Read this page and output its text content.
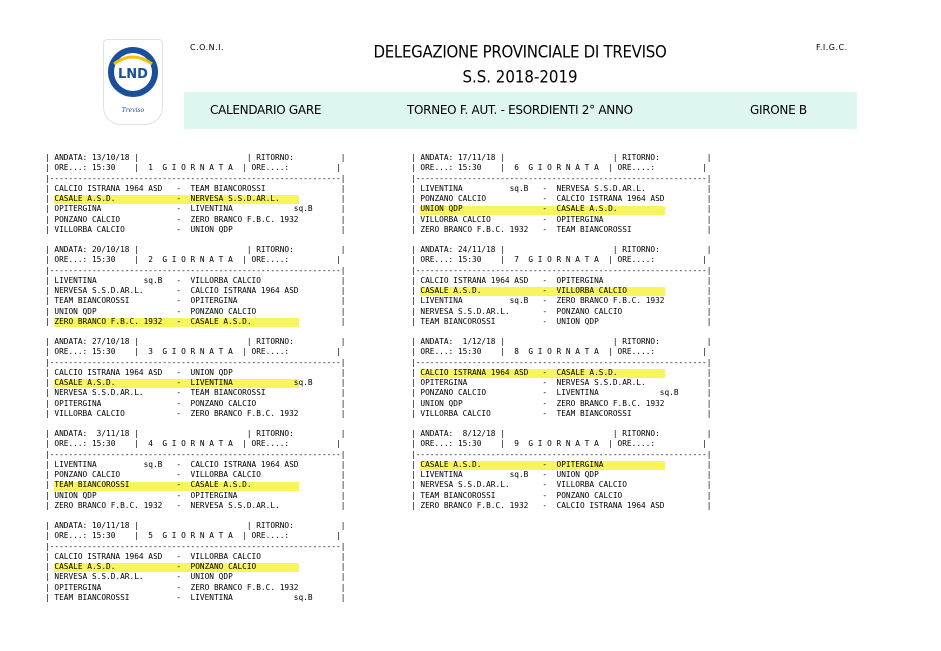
LND
Treviso
C.O.N.I.	F.I.G.C.
DELEGAZIONE PROVINCIALE DI TREVISO
S.S. 2018-2019
CALENDARIO GARE	TORNEO F. AUT. - ESORDIENTI 2° ANNO	GIRONE B
| ANDATA: 13/10/18 |                       | RITORNO:          |
| ORE...: 15:30    |  1  G I O R N A T A  | ORE....:          |
|--------------------------------------------------------------|
| CALCIO ISTRANA 1964 ASD   -  TEAM BIANCOROSSI                |

| CASALE A.S.D.             -  NERVESA S.S.D.AR.L.             |
| OPITERGINA                -  LIVENTINA             sq.B      |
| PONZANO CALCIO            -  ZERO BRANCO F.B.C. 1932         |
| VILLORBA CALCIO           -  UNION QDP                       |

| ANDATA: 20/10/18 |                       | RITORNO:          |
| ORE...: 15:30    |  2  G I O R N A T A  | ORE....:          |
|--------------------------------------------------------------|
| LIVENTINA          sq.B   -  VILLORBA CALCIO                 |
| NERVESA S.S.D.AR.L.       -  CALCIO ISTRANA 1964 ASD         |
| TEAM BIANCOROSSI          -  OPITERGINA                      |
| UNION QDP                 -  PONZANO CALCIO                  |

| ZERO BRANCO F.B.C. 1932   -  CASALE A.S.D.                   |

| ANDATA: 27/10/18 |                       | RITORNO:          |
| ORE...: 15:30    |  3  G I O R N A T A  | ORE....:          |
|--------------------------------------------------------------|
| CALCIO ISTRANA 1964 ASD   -  UNION QDP                       |

| CASALE A.S.D.             -  LIVENTINA             sq.B      |
| NERVESA S.S.D.AR.L.       -  TEAM BIANCOROSSI                |
| OPITERGINA                -  PONZANO CALCIO                  |
| VILLORBA CALCIO           -  ZERO BRANCO F.B.C. 1932         |

| ANDATA:  3/11/18 |                       | RITORNO:          |
| ORE...: 15:30    |  4  G I O R N A T A  | ORE....:          |
|--------------------------------------------------------------|
| LIVENTINA          sq.B   -  CALCIO ISTRANA 1964 ASD         |
| PONZANO CALCIO            -  VILLORBA CALCIO                 |

| TEAM BIANCOROSSI          -  CASALE A.S.D.                   |
| UNION QDP                 -  OPITERGINA                      |
| ZERO BRANCO F.B.C. 1932   -  NERVESA S.S.D.AR.L.             |

| ANDATA: 10/11/18 |                       | RITORNO:          |
| ORE...: 15:30    |  5  G I O R N A T A  | ORE....:          |
|--------------------------------------------------------------|
| CALCIO ISTRANA 1964 ASD   -  VILLORBA CALCIO                 |

| CASALE A.S.D.             -  PONZANO CALCIO                  |
| NERVESA S.S.D.AR.L.       -  UNION QDP                       |
| OPITERGINA                -  ZERO BRANCO F.B.C. 1932         |
| TEAM BIANCOROSSI          -  LIVENTINA             sq.B      |

| ANDATA: 17/11/18 |                       | RITORNO:          |
| ORE...: 15:30    |  6  G I O R N A T A  | ORE....:          |
|--------------------------------------------------------------|
| LIVENTINA          sq.B   -  NERVESA S.S.D.AR.L.             |
| PONZANO CALCIO            -  CALCIO ISTRANA 1964 ASD         |

| UNION QDP                 -  CASALE A.S.D.                   |
| VILLORBA CALCIO           -  OPITERGINA                      |
| ZERO BRANCO F.B.C. 1932   -  TEAM BIANCOROSSI                |

| ANDATA: 24/11/18 |                       | RITORNO:          |
| ORE...: 15:30    |  7  G I O R N A T A  | ORE....:          |
|--------------------------------------------------------------|
| CALCIO ISTRANA 1964 ASD   -  OPITERGINA                      |

| CASALE A.S.D.             -  VILLORBA CALCIO                 |
| LIVENTINA          sq.B   -  ZERO BRANCO F.B.C. 1932         |
| NERVESA S.S.D.AR.L.       -  PONZANO CALCIO                  |
| TEAM BIANCOROSSI          -  UNION QDP                       |

| ANDATA:  1/12/18 |                       | RITORNO:          |
| ORE...: 15:30    |  8  G I O R N A T A  | ORE....:          |
|--------------------------------------------------------------|

| CALCIO ISTRANA 1964 ASD   -  CASALE A.S.D.                   |
| OPITERGINA                -  NERVESA S.S.D.AR.L.             |
| PONZANO CALCIO            -  LIVENTINA             sq.B      |
| UNION QDP                 -  ZERO BRANCO F.B.C. 1932         |
| VILLORBA CALCIO           -  TEAM BIANCOROSSI                |

| ANDATA:  8/12/18 |                       | RITORNO:          |
| ORE...: 15:30    |  9  G I O R N A T A  | ORE....:          |
|--------------------------------------------------------------|

| CASALE A.S.D.             -  OPITERGINA                      |
| LIVENTINA          sq.B   -  UNION QDP                       |
| NERVESA S.S.D.AR.L.       -  VILLORBA CALCIO                 |
| TEAM BIANCOROSSI          -  PONZANO CALCIO                  |
| ZERO BRANCO F.B.C. 1932   -  CALCIO ISTRANA 1964 ASD         |
